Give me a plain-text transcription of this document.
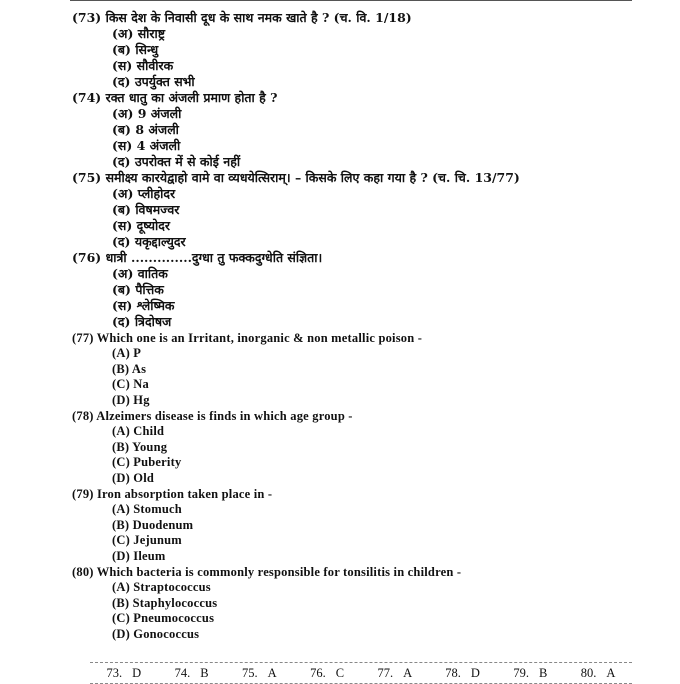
(73) किस देश के निवासी दूध के साथ नमक खाते है ? (च. वि. 1/18)
(अ) सौराष्ट्र
(ब) सिन्धु
(स) सौवीरक
(द) उपर्युक्त सभी
(74) रक्त धातु का अंजली प्रमाण होता है ?
(अ) 9 अंजली
(ब) 8 अंजली
(स) 4 अंजली
(द) उपरोक्त में से कोई नहीं
(75) समीक्ष्य कारयेद्वाहो वामे वा व्यधयेत्सिराम्। – किसके लिए कहा गया है ? (च. चि. 13/77)
(अ) प्लीहोदर
(ब) विषमज्वर
(स) दूष्योदर
(द) यकृद्दाल्युदर
(76) धात्री ..............दुग्धा तु फक्कदुग्धेति संज्ञिता।
(अ) वातिक
(ब) पैत्तिक
(स) श्लेष्मिक
(द) त्रिदोषज
(77) Which one is an Irritant, inorganic & non metallic poison -
(A) P
(B) As
(C) Na
(D) Hg
(78) Alzeimers disease is finds in which age group -
(A) Child
(B) Young
(C) Puberity
(D) Old
(79) Iron absorption taken place in -
(A) Stomuch
(B) Duodenum
(C) Jejunum
(D) Ileum
(80) Which bacteria is commonly responsible for tonsilitis in children -
(A) Straptococcus
(B) Staphylococcus
(C) Pneumococcus
(D) Gonococcus
73. D	74. B	75. A	76. C	77. A	78. D	79. B	80. A
